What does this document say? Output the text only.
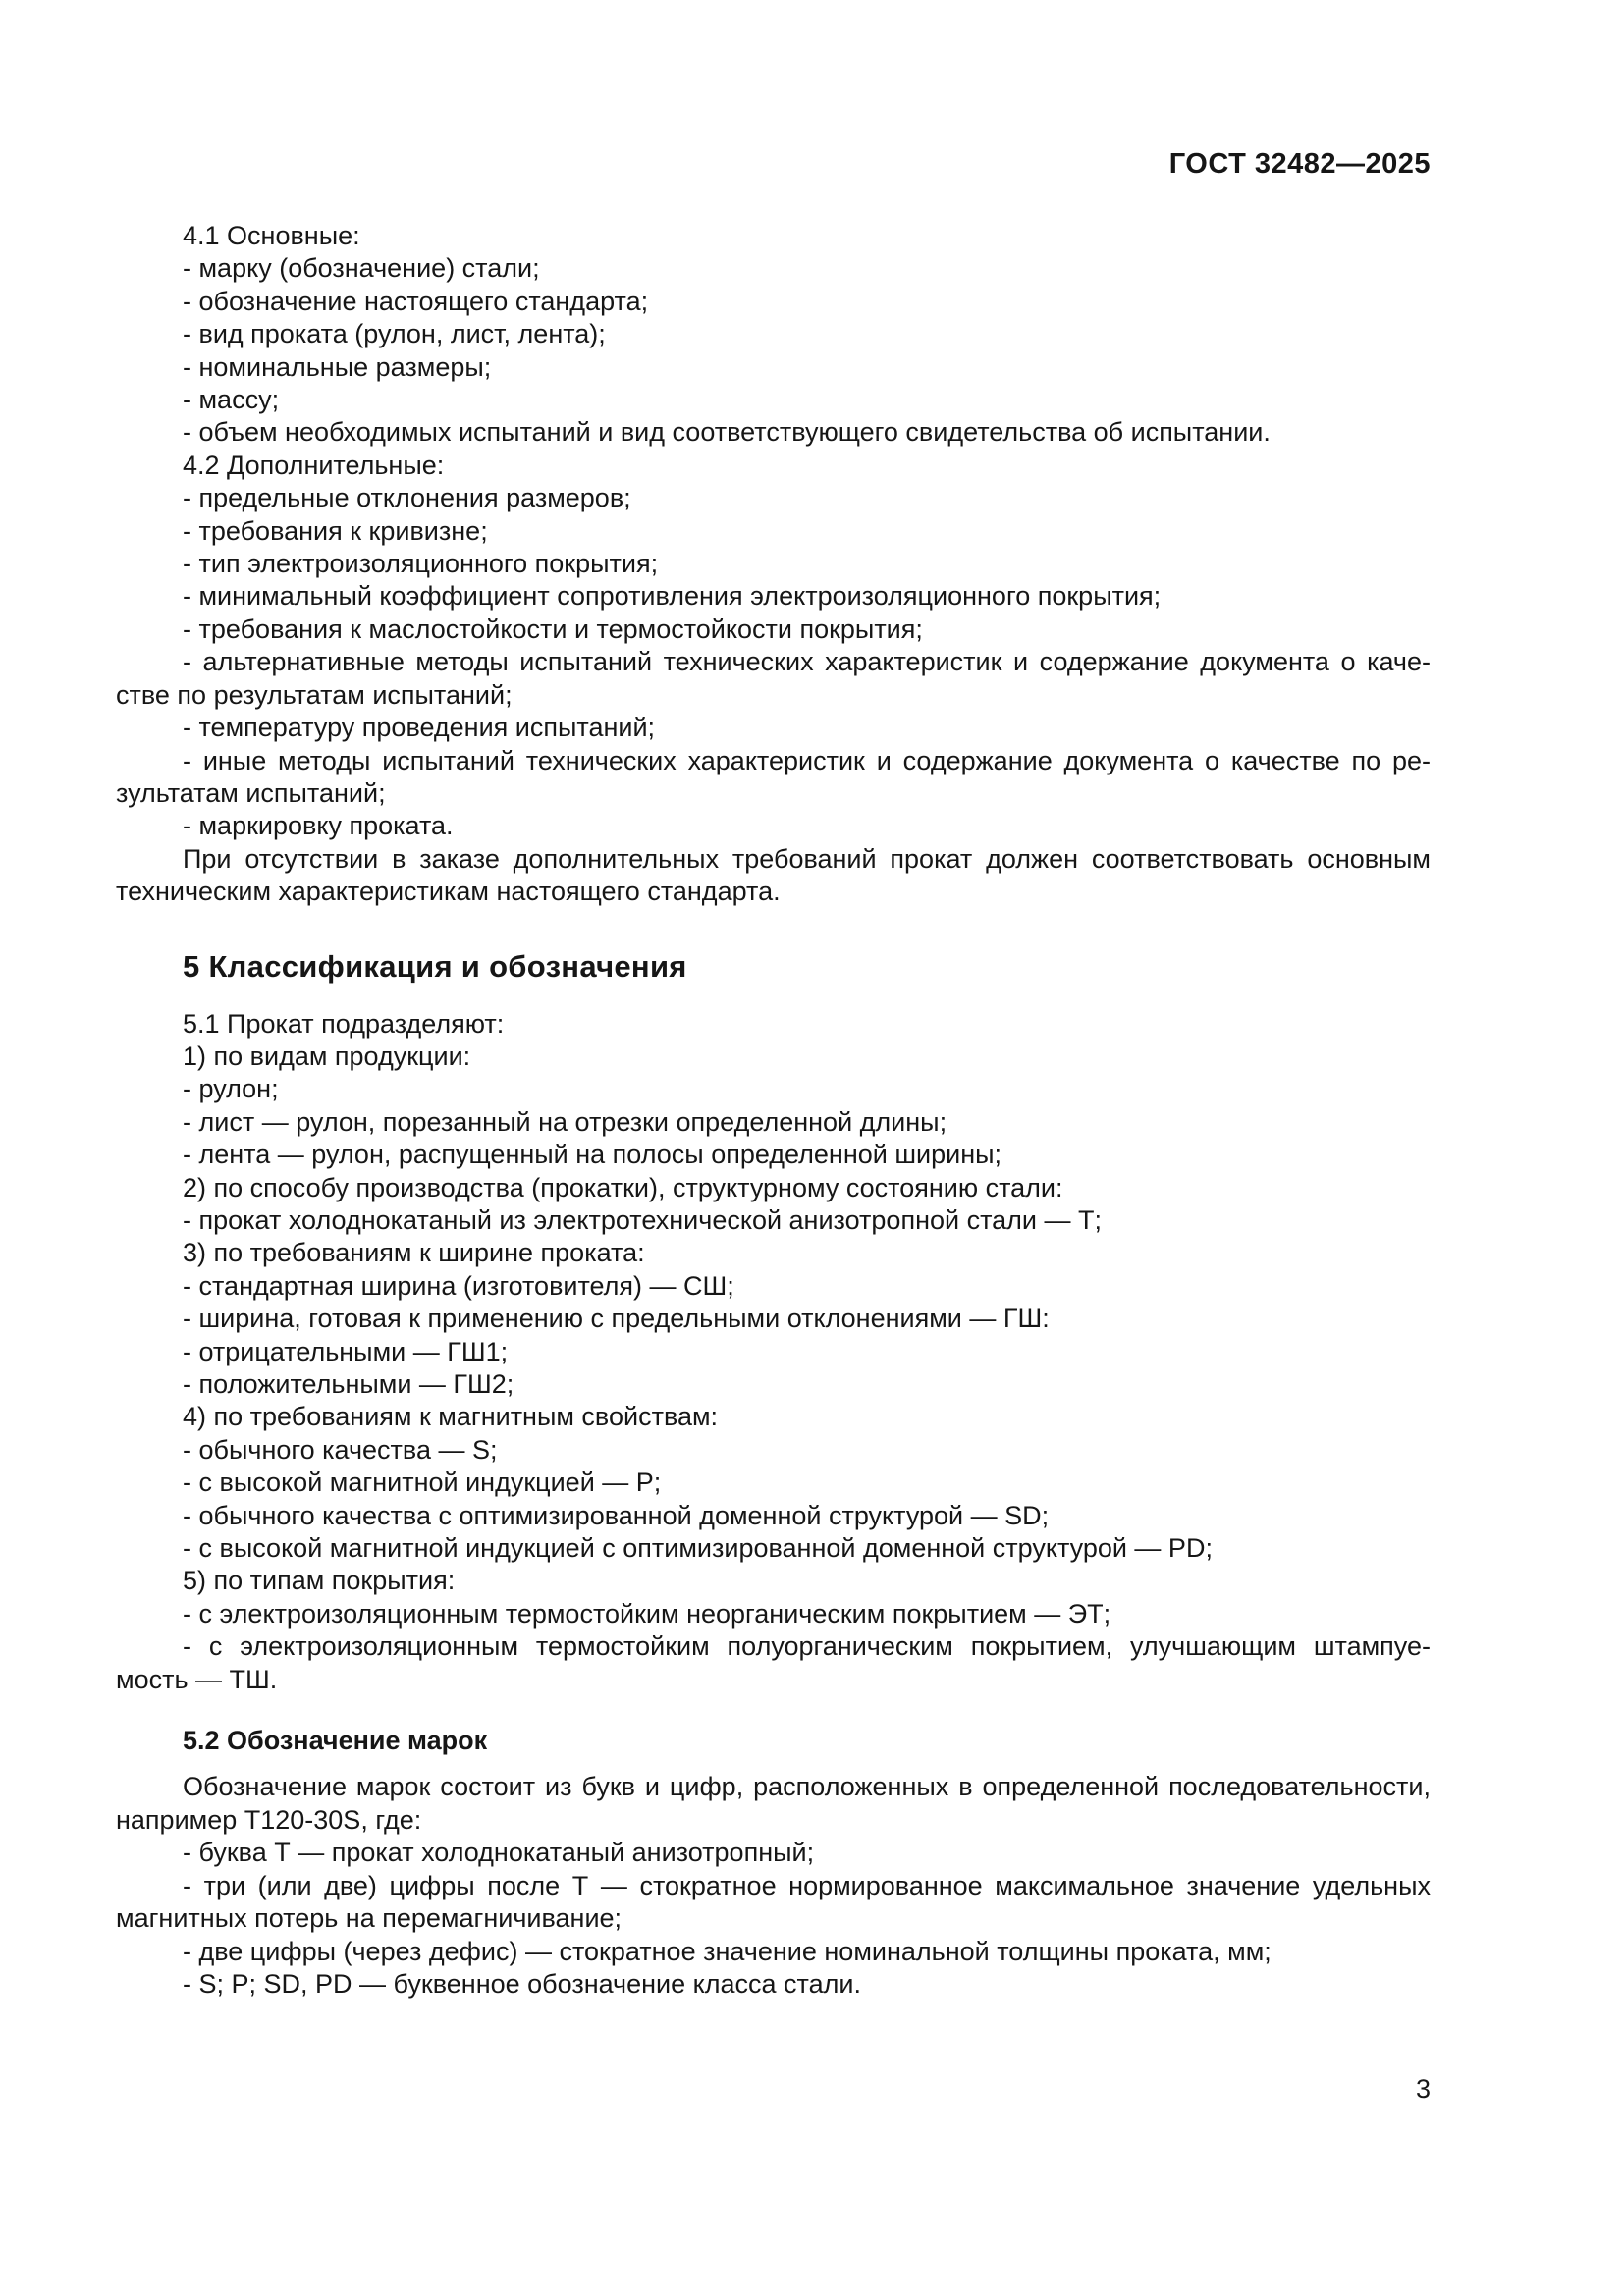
ГОСТ 32482—2025
4.1 Основные:
- марку (обозначение) стали;
- обозначение настоящего стандарта;
- вид проката (рулон, лист, лента);
- номинальные размеры;
- массу;
- объем необходимых испытаний и вид соответствующего свидетельства об испытании.
4.2 Дополнительные:
- предельные отклонения размеров;
- требования к кривизне;
- тип электроизоляционного покрытия;
- минимальный коэффициент сопротивления электроизоляционного покрытия;
- требования к маслостойкости и термостойкости покрытия;
- альтернативные методы испытаний технических характеристик и содержание документа о каче-
стве по результатам испытаний;
- температуру проведения испытаний;
- иные методы испытаний технических характеристик и содержание документа о качестве по ре-
зультатам испытаний;
- маркировку проката.
При отсутствии в заказе дополнительных требований прокат должен соответствовать основным
техническим характеристикам настоящего стандарта.
5 Классификация и обозначения
5.1 Прокат подразделяют:
1) по видам продукции:
- рулон;
- лист — рулон, порезанный на отрезки определенной длины;
- лента — рулон, распущенный на полосы определенной ширины;
2) по способу производства (прокатки), структурному состоянию стали:
- прокат холоднокатаный из электротехнической анизотропной стали — Т;
3) по требованиям к ширине проката:
- стандартная ширина (изготовителя) — СШ;
- ширина, готовая к применению с предельными отклонениями — ГШ:
- отрицательными — ГШ1;
- положительными — ГШ2;
4) по требованиям к магнитным свойствам:
- обычного качества — S;
- с высокой магнитной индукцией — P;
- обычного качества с оптимизированной доменной структурой — SD;
- с высокой магнитной индукцией с оптимизированной доменной структурой — PD;
5) по типам покрытия:
- с электроизоляционным термостойким неорганическим покрытием — ЭТ;
- с электроизоляционным термостойким полуорганическим покрытием, улучшающим штампуе-
мость — ТШ.
5.2 Обозначение марок
Обозначение марок состоит из букв и цифр, расположенных в определенной последовательности,
например Т120-30S, где:
- буква Т — прокат холоднокатаный анизотропный;
- три (или две) цифры после Т — стократное нормированное максимальное значение удельных
магнитных потерь на перемагничивание;
- две цифры (через дефис) — стократное значение номинальной толщины проката, мм;
- S; P; SD, PD — буквенное обозначение класса стали.
3
